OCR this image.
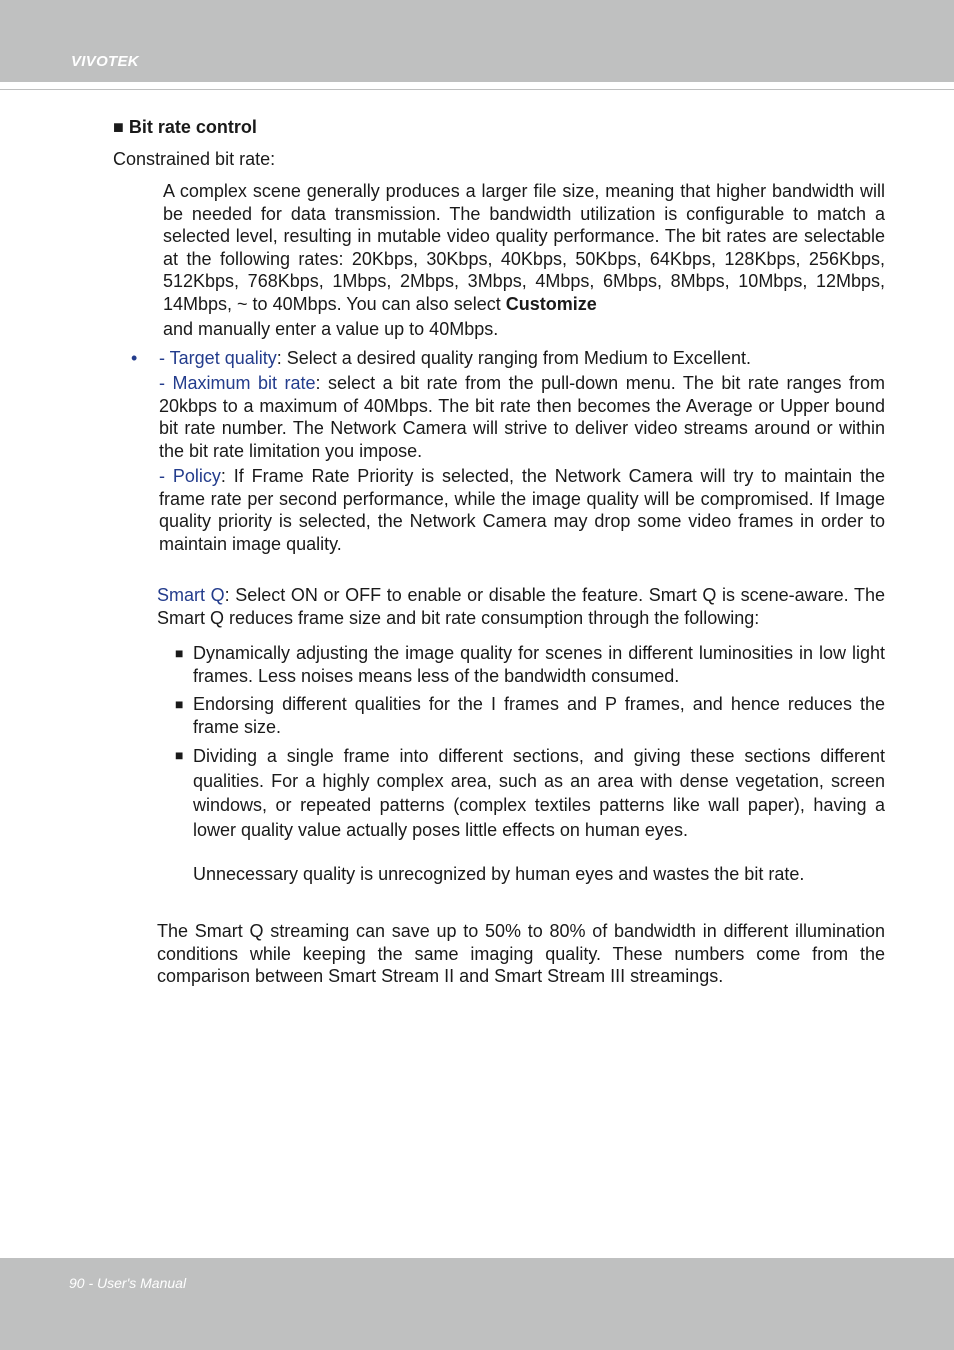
VIVOTEK
■ Bit rate control
Constrained bit rate:
A complex scene generally produces a larger file size, meaning that higher bandwidth will be needed for data transmission. The bandwidth utilization is configurable to match a selected level, resulting in mutable video quality performance. The bit rates are selectable at the following rates: 20Kbps, 30Kbps, 40Kbps, 50Kbps, 64Kbps, 128Kbps, 256Kbps, 512Kbps, 768Kbps, 1Mbps, 2Mbps, 3Mbps, 4Mbps, 6Mbps, 8Mbps, 10Mbps, 12Mbps, 14Mbps, ~ to 40Mbps. You can also select Customize
and manually enter a value up to 40Mbps.
• - Target quality: Select a desired quality ranging from Medium to Excellent.
- Maximum bit rate: select a bit rate from the pull-down menu. The bit rate ranges from 20kbps to a maximum of 40Mbps. The bit rate then becomes the Average or Upper bound bit rate number. The Network Camera will strive to deliver video streams around or within the bit rate limitation you impose.
- Policy: If Frame Rate Priority is selected, the Network Camera will try to maintain the frame rate per second performance, while the image quality will be compromised. If Image quality priority is selected, the Network Camera may drop some video frames in order to maintain image quality.
Smart Q: Select ON or OFF to enable or disable the feature. Smart Q is scene-aware. The Smart Q reduces frame size and bit rate consumption through the following:
■ Dynamically adjusting the image quality for scenes in different luminosities in low light frames. Less noises means less of the bandwidth consumed.
■ Endorsing different qualities for the I frames and P frames, and hence reduces the frame size.
■ Dividing a single frame into different sections, and giving these sections different qualities. For a highly complex area, such as an area with dense vegetation, screen windows, or repeated patterns (complex textiles patterns like wall paper), having a lower quality value actually poses little effects on human eyes.
Unnecessary quality is unrecognized by human eyes and wastes the bit rate.
The Smart Q streaming can save up to 50% to 80% of bandwidth in different illumination conditions while keeping the same imaging quality. These numbers come from the comparison between Smart Stream II and Smart Stream III streamings.
90 - User's Manual
